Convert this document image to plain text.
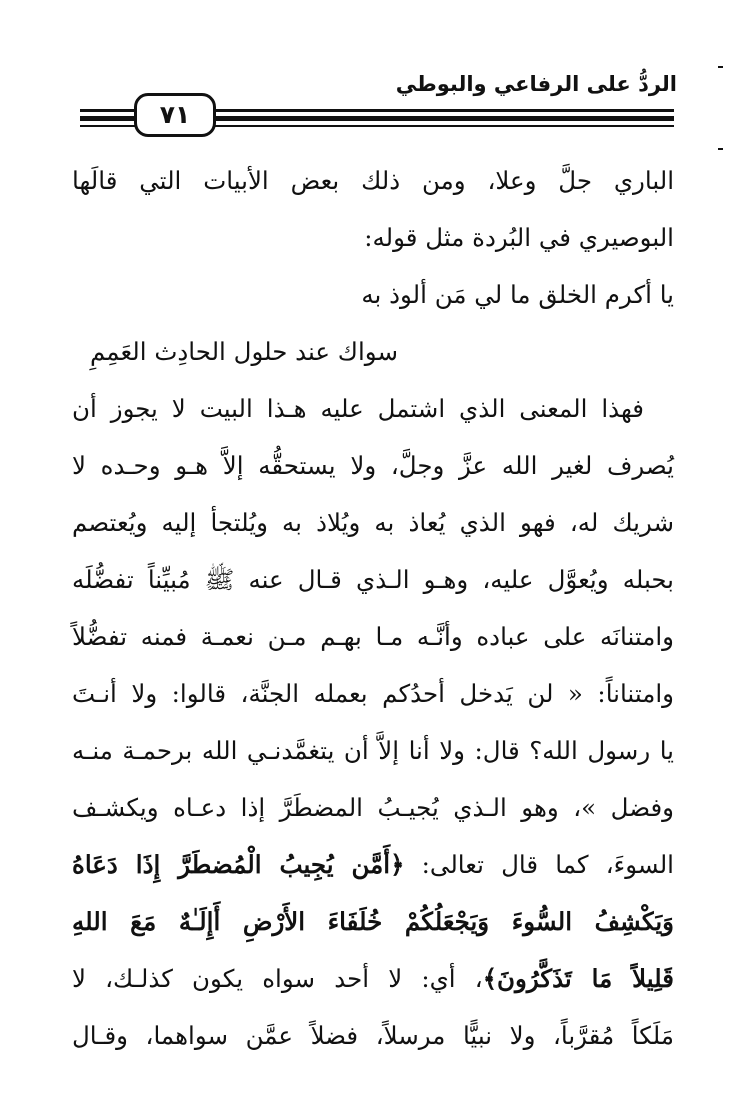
الردُّ على الرفاعي والبوطي
٧١
الباري جلَّ وعلا، ومن ذلك بعض الأبيات التي قالَها
البوصيري في البُردة مثل قوله:
يا أكرم الخلق ما لي مَن ألوذ به
سواك عند حلول الحادِث العَمِمِ
فهذا المعنى الذي اشتمل عليه هـذا البيت لا يجوز أن
يُصرف لغير الله عزَّ وجلَّ، ولا يستحقُّه إلاَّ هـو وحـده لا
شريك له، فهو الذي يُعاذ به ويُلاذ به ويُلتجأ إليه ويُعتصم
بحبله ويُعوَّل عليه، وهـو الـذي قـال عنه ﷺ مُبيِّناً تفضُّلَه
وامتنانَه على عباده وأنَّـه مـا بهـم مـن نعمـة فمنه تفضُّلاً
وامتناناً: « لن يَدخل أحدُكم بعمله الجنَّة، قالوا: ولا أنـتَ
يا رسول الله؟ قال: ولا أنا إلاَّ أن يتغمَّدنـي الله برحمـة منـه
وفضل »، وهو الـذي يُجيـبُ المضطَرَّ إذا دعـاه ويكشـف
السوءَ، كما قال تعالى: ﴿أَمَّن يُجِيبُ الْمُضطَرَّ إِذَا دَعَاهُ
وَيَكْشِفُ السُّوءَ وَيَجْعَلُكُمْ خُلَفَاءَ الأَرْضِ أَإِلَـٰهٌ مَعَ اللهِ
قَلِيلاً مَا تَذَكَّرُونَ﴾، أي: لا أحد سواه يكون كذلـك، لا
مَلَكاً مُقرَّباً، ولا نبيًّا مرسلاً، فضلاً عمَّن سواهما، وقـال
